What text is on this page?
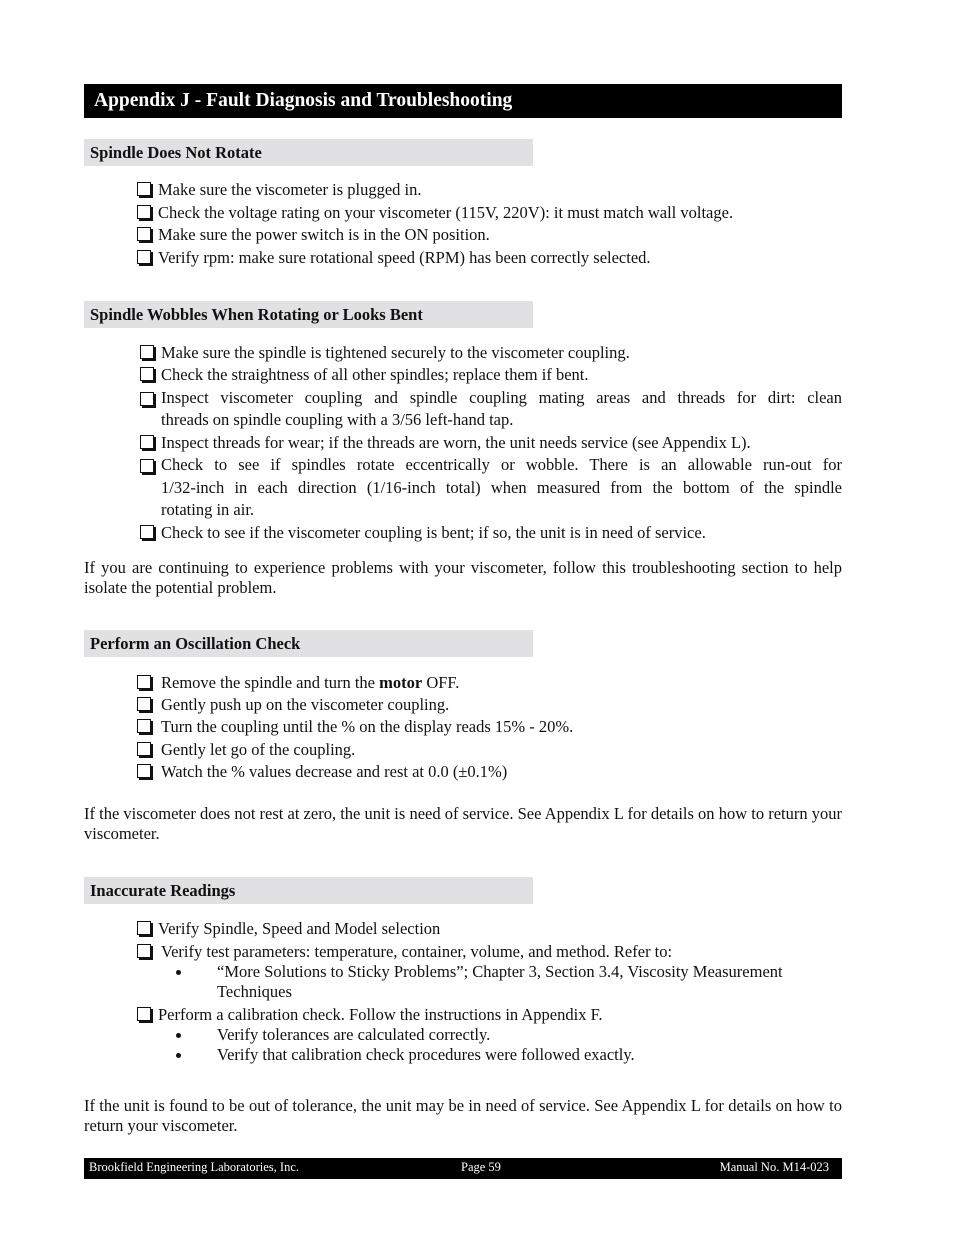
Appendix J - Fault Diagnosis and Troubleshooting
Spindle Does Not Rotate
Make sure the viscometer is plugged in.
Check the voltage rating on your viscometer (115V, 220V): it must match wall voltage.
Make sure the power switch is in the ON position.
Verify rpm: make sure rotational speed (RPM) has been correctly selected.
Spindle Wobbles When Rotating or Looks Bent
Make sure the spindle is tightened securely to the viscometer coupling.
Check the straightness of all other spindles; replace them if bent.
Inspect viscometer coupling and spindle coupling mating areas and threads for dirt: clean
threads on spindle coupling with a 3/56 left-hand tap.
Inspect threads for wear; if the threads are worn, the unit needs service (see Appendix L).
Check to see if spindles rotate eccentrically or wobble. There is an allowable run-out for
1/32-inch in each direction (1/16-inch total) when measured from the bottom of the spindle
rotating in air.
Check to see if the viscometer coupling is bent; if so, the unit is in need of service.
If you are continuing to experience problems with your viscometer, follow this troubleshooting section to help isolate the potential problem.
Perform an Oscillation Check
Remove the spindle and turn the motor OFF.
Gently push up on the viscometer coupling.
Turn the coupling until the % on the display reads 15% - 20%.
Gently let go of the coupling.
Watch the % values decrease and rest at 0.0 (±0.1%)
If the viscometer does not rest at zero, the unit is need of service. See Appendix L for details on how to return your viscometer.
Inaccurate Readings
Verify Spindle, Speed and Model selection
Verify test parameters: temperature, container, volume, and method. Refer to:
“More Solutions to Sticky Problems”; Chapter 3, Section 3.4, Viscosity Measurement
Techniques
Perform a calibration check. Follow the instructions in Appendix F.
Verify tolerances are calculated correctly.
Verify that calibration check procedures were followed exactly.
If the unit is found to be out of tolerance, the unit may be in need of service. See Appendix L for details on how to return your viscometer.
Brookfield Engineering Laboratories, Inc.	Page 59	Manual No. M14-023
